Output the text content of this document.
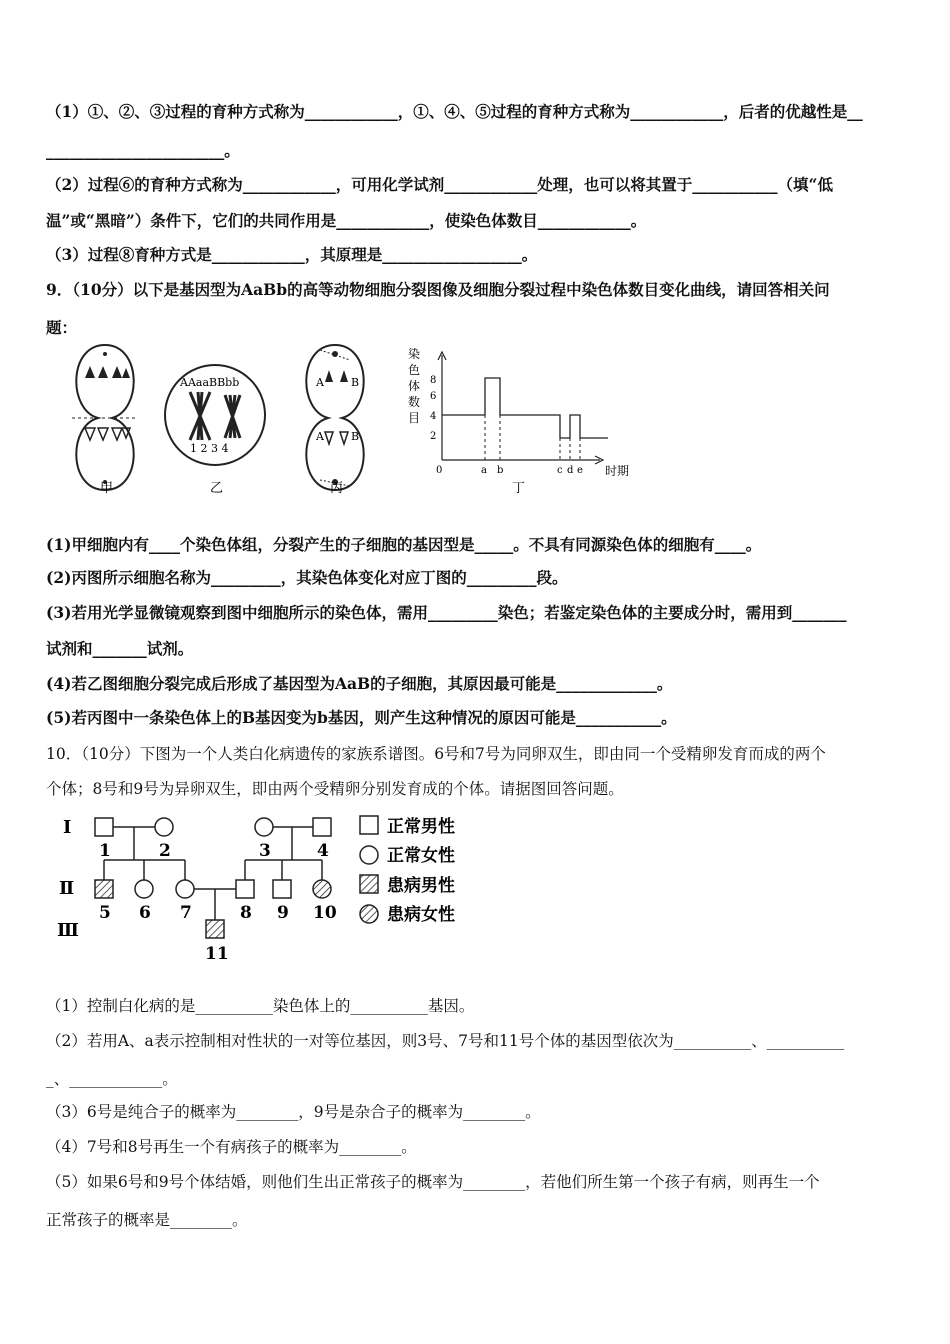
（1）①、②、③过程的育种方式称为____________，①、④、⑤过程的育种方式称为____________，后者的优越性是__
_______________________。
（2）过程⑥的育种方式称为____________，可用化学试剂____________处理，也可以将其置于___________（填“低
温”或“黑暗”）条件下，它们的共同作用是____________，使染色体数目____________。
（3）过程⑧育种方式是____________，其原理是__________________。
9．（10分）以下是基因型为AaBb的高等动物细胞分裂图像及细胞分裂过程中染色体数目变化曲线，请回答相关问
题：
甲
AAaaBBbb
1 2 3 4
乙
A B
A B
丙
染
色
体
数
目
8
6
4
2
0	a b	c d e 时期
丁
(1)甲细胞内有____个染色体组，分裂产生的子细胞的基因型是_____。不具有同源染色体的细胞有____。
(2)丙图所示细胞名称为_________，其染色体变化对应丁图的_________段。
(3)若用光学显微镜观察到图中细胞所示的染色体，需用_________染色；若鉴定染色体的主要成分时，需用到_______
试剂和_______试剂。
(4)若乙图细胞分裂完成后形成了基因型为AaB的子细胞，其原因最可能是_____________。
(5)若丙图中一条染色体上的B基因变为b基因，则产生这种情况的原因可能是___________。
10．（10分）下图为一个人类白化病遗传的家族系谱图。6号和7号为同卵双生，即由同一个受精卵发育而成的两个
个体；8号和9号为异卵双生，即由两个受精卵分别发育成的个体。请据图回答问题。
Ⅰ
Ⅱ
Ⅲ
1	2	3	4
5 6 7	8 9 10
11
正常男性
正常女性
患病男性
患病女性
（1）控制白化病的是__________染色体上的__________基因。
（2）若用A、a表示控制相对性状的一对等位基因，则3号、7号和11号个体的基因型依次为__________、__________
_、____________。
（3）6号是纯合子的概率为________，9号是杂合子的概率为________。
（4）7号和8号再生一个有病孩子的概率为________。
（5）如果6号和9号个体结婚，则他们生出正常孩子的概率为________，若他们所生第一个孩子有病，则再生一个
正常孩子的概率是________。
